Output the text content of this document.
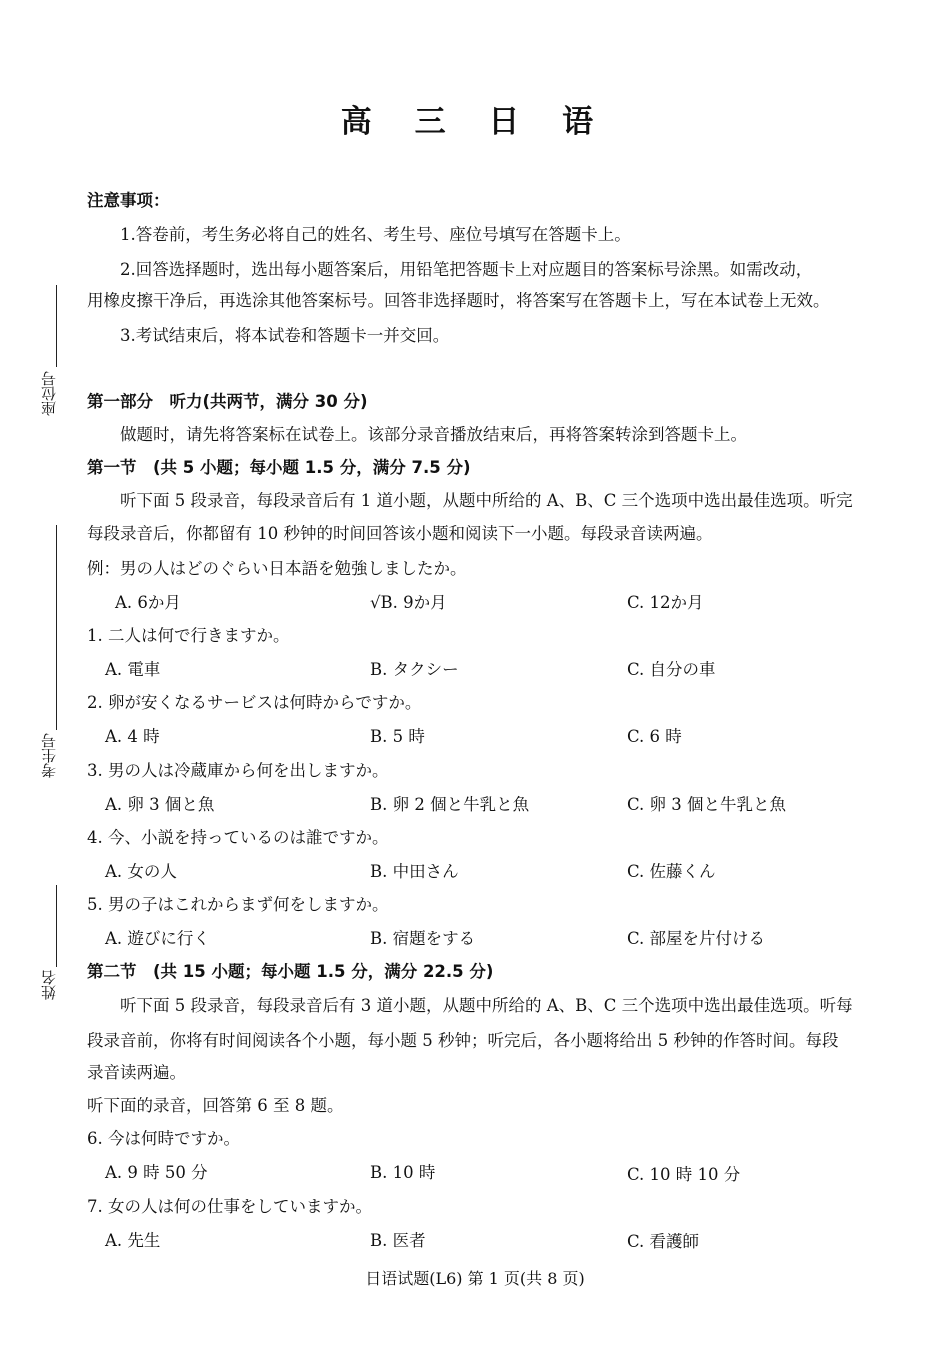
高 三 日 语
座位号
考生号
姓名
注意事项：
1.答卷前，考生务必将自己的姓名、考生号、座位号填写在答题卡上。
2.回答选择题时，选出每小题答案后，用铅笔把答题卡上对应题目的答案标号涂黑。如需改动，
用橡皮擦干净后，再选涂其他答案标号。回答非选择题时，将答案写在答题卡上，写在本试卷上无效。
3.考试结束后，将本试卷和答题卡一并交回。
第一部分　听力(共两节，满分 30 分)
做题时，请先将答案标在试卷上。该部分录音播放结束后，再将答案转涂到答题卡上。
第一节　(共 5 小题；每小题 1.5 分，满分 7.5 分)
听下面 5 段录音，每段录音后有 1 道小题，从题中所给的 A、B、C 三个选项中选出最佳选项。听完
每段录音后，你都留有 10 秒钟的时间回答该小题和阅读下一小题。每段录音读两遍。
例：男の人はどのぐらい日本語を勉強しましたか。
A. 6か月	√B. 9か月	C. 12か月
1. 二人は何で行きますか。
A. 電車	B. タクシー	C. 自分の車
2. 卵が安くなるサービスは何時からですか。
A. 4 時	B. 5 時	C. 6 時
3. 男の人は冷蔵庫から何を出しますか。
A. 卵 3 個と魚	B. 卵 2 個と牛乳と魚	C. 卵 3 個と牛乳と魚
4. 今、小説を持っているのは誰ですか。
A. 女の人	B. 中田さん	C. 佐藤くん
5. 男の子はこれからまず何をしますか。
A. 遊びに行く	B. 宿題をする	C. 部屋を片付ける
第二节　(共 15 小题；每小题 1.5 分，满分 22.5 分)
听下面 5 段录音，每段录音后有 3 道小题，从题中所给的 A、B、C 三个选项中选出最佳选项。听每
段录音前，你将有时间阅读各个小题，每小题 5 秒钟；听完后，各小题将给出 5 秒钟的作答时间。每段
录音读两遍。
听下面的录音，回答第 6 至 8 题。
6. 今は何時ですか。
A. 9 時 50 分	B. 10 時	C. 10 時 10 分
7. 女の人は何の仕事をしていますか。
A. 先生	B. 医者	C. 看護師
日语试题(L6) 第 1 页(共 8 页)
